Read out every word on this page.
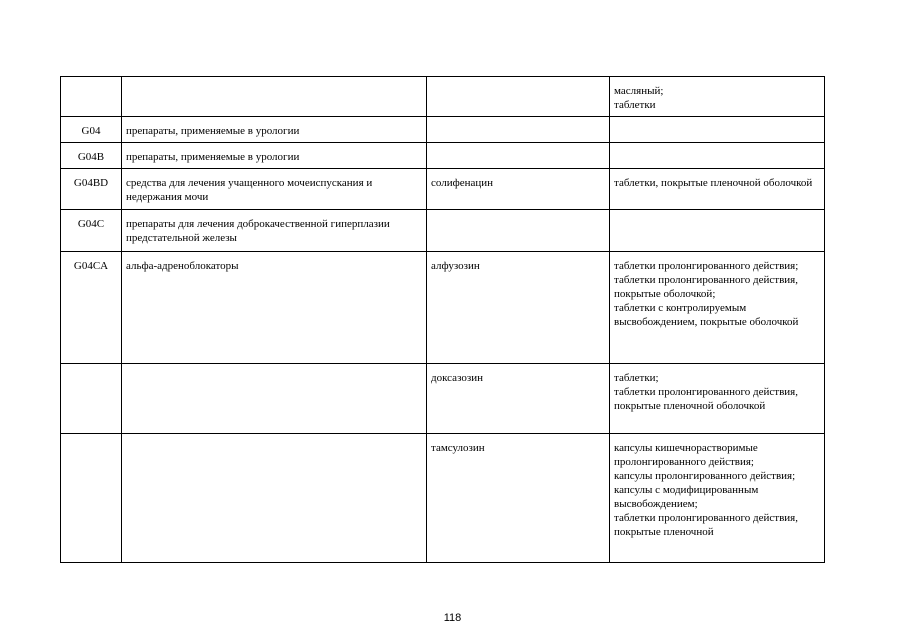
			масляный;
таблетки
G04	препараты, применяемые в урологии		
G04B	препараты, применяемые в урологии		
G04BD	средства для лечения учащенного мочеиспускания и недержания мочи	солифенацин	таблетки, покрытые пленочной оболочкой
G04C	препараты для лечения доброкачественной гиперплазии предстательной железы		
G04CA	альфа-адреноблокаторы	алфузозин	таблетки пролонгированного действия;
таблетки пролонгированного действия, покрытые оболочкой;
таблетки с контролируемым высвобождением, покрытые оболочкой
		доксазозин	таблетки;
таблетки пролонгированного действия, покрытые пленочной оболочкой
		тамсулозин	капсулы кишечнорастворимые пролонгированного действия;
капсулы пролонгированного действия;
капсулы с модифицированным высвобождением;
таблетки пролонгированного действия, покрытые пленочной
118
